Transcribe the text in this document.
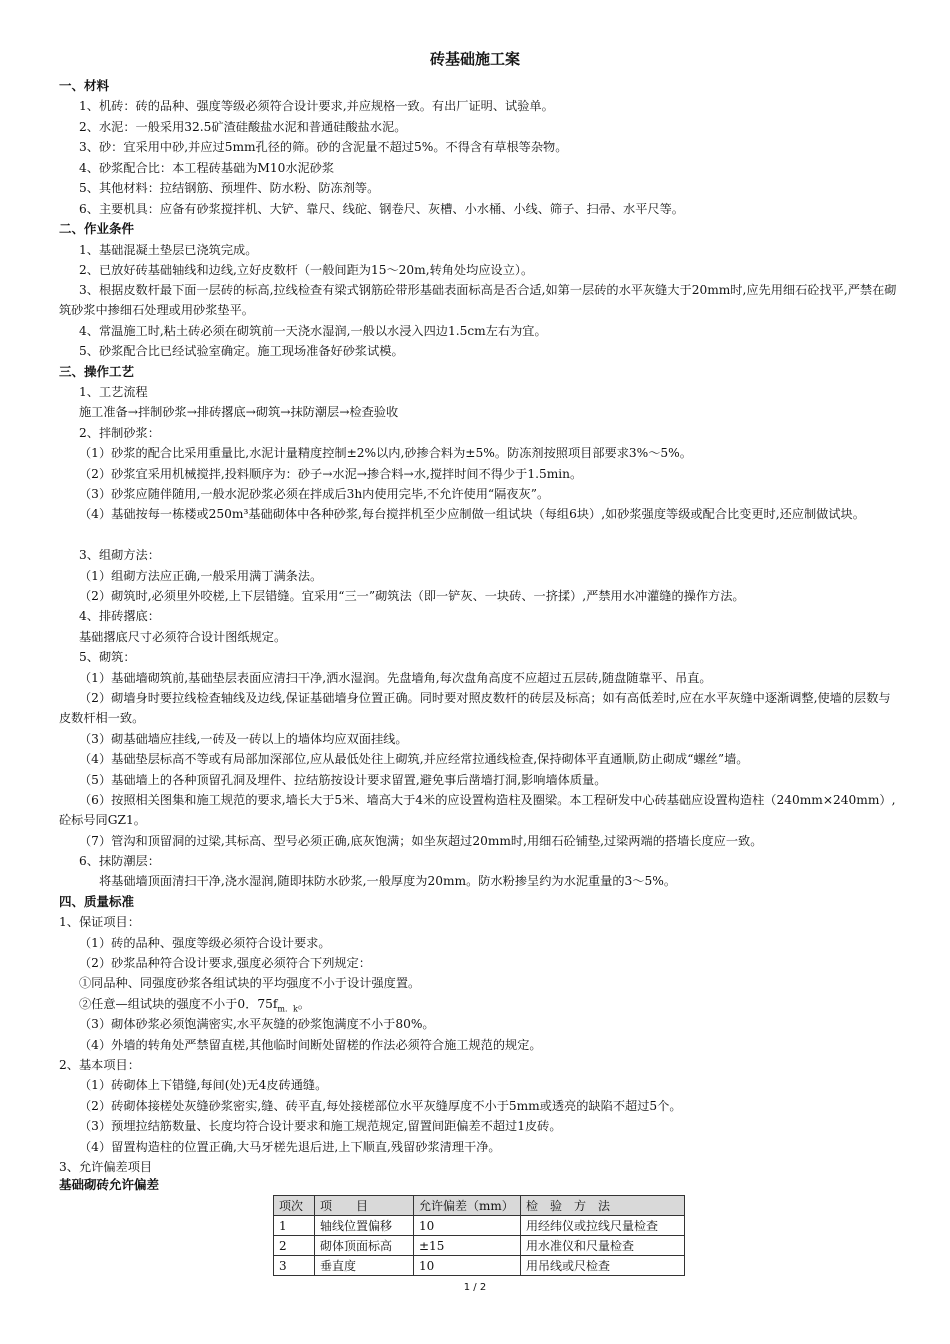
砖基础施工案
一、材料
1、机砖：砖的品种、强度等级必须符合设计要求,并应规格一致。有出厂证明、试验单。
2、水泥：一般采用32.5矿渣硅酸盐水泥和普通硅酸盐水泥。
3、砂：宜采用中砂,并应过5mm孔径的筛。砂的含泥量不超过5%。不得含有草根等杂物。
4、砂浆配合比：本工程砖基础为M10水泥砂浆
5、其他材料：拉结钢筋、预埋件、防水粉、防冻剂等。
6、主要机具：应备有砂浆搅拌机、大铲、靠尺、线砣、钢卷尺、灰槽、小水桶、小线、筛子、扫帚、水平尺等。
二、作业条件
1、基础混凝土垫层已浇筑完成。
2、已放好砖基础轴线和边线,立好皮数杆（一般间距为15～20m,转角处均应设立）。
3、根据皮数杆最下面一层砖的标高,拉线检查有梁式钢筋砼带形基础表面标高是否合适,如第一层砖的水平灰缝大于20mm时,应先用细石砼找平,严禁在砌筑砂浆中掺细石处理或用砂浆垫平。
4、常温施工时,粘土砖必须在砌筑前一天浇水湿润,一般以水浸入四边1.5cm左右为宜。
5、砂浆配合比已经试验室确定。施工现场准备好砂浆试模。
三、操作工艺
1、工艺流程
施工准备→拌制砂浆→排砖撂底→砌筑→抹防潮层→检查验收
2、拌制砂浆：
（1）砂浆的配合比采用重量比,水泥计量精度控制±2%以内,砂掺合料为±5%。防冻剂按照项目部要求3%～5%。
（2）砂浆宜采用机械搅拌,投料顺序为：砂子→水泥→掺合料→水,搅拌时间不得少于1.5min。
（3）砂浆应随伴随用,一般水泥砂浆必须在拌成后3h内使用完毕,不允许使用“隔夜灰”。
（4）基础按每一栋楼或250m³基础砌体中各种砂浆,每台搅拌机至少应制做一组试块（每组6块）,如砂浆强度等级或配合比变更时,还应制做试块。
3、组砌方法：
（1）组砌方法应正确,一般采用满丁满条法。
（2）砌筑时,必须里外咬槎,上下层错缝。宜采用“三一”砌筑法（即一铲灰、一块砖、一挤揉）,严禁用水冲灌缝的操作方法。
4、排砖撂底：
基础撂底尺寸必须符合设计图纸规定。
5、砌筑：
（1）基础墙砌筑前,基础垫层表面应清扫干净,洒水湿润。先盘墙角,每次盘角高度不应超过五层砖,随盘随靠平、吊直。
（2）砌墙身时要拉线检查轴线及边线,保证基础墙身位置正确。同时要对照皮数杆的砖层及标高；如有高低差时,应在水平灰缝中逐渐调整,使墙的层数与皮数杆相一致。
（3）砌基础墙应挂线,一砖及一砖以上的墙体均应双面挂线。
（4）基础垫层标高不等或有局部加深部位,应从最低处往上砌筑,并应经常拉通线检查,保持砌体平直通顺,防止砌成“螺丝”墙。
（5）基础墙上的各种顶留孔洞及埋件、拉结筋按设计要求留置,避免事后凿墙打洞,影响墙体质量。
（6）按照相关图集和施工规范的要求,墙长大于5米、墙高大于4米的应设置构造柱及圈梁。本工程研发中心砖基础应设置构造柱（240mm×240mm）,砼标号同GZ1。
（7）管沟和顶留洞的过梁,其标高、型号必须正确,底灰饱满；如坐灰超过20mm时,用细石砼铺垫,过梁两端的搭墙长度应一致。
6、抹防潮层：
将基础墙顶面清扫干净,浇水湿润,随即抹防水砂浆,一般厚度为20mm。防水粉掺呈约为水泥重量的3～5%。
四、质量标准
1、保证项目：
（1）砖的品种、强度等级必须符合设计要求。
（2）砂浆品种符合设计要求,强度必须符合下列规定：
①同品种、同强度砂浆各组试块的平均强度不小于设计强度置。
②任意—组试块的强度不小于0．$75f_{m.k}$。
（3）砌体砂浆必须饱满密实,水平灰缝的砂浆饱满度不小于80%。
（4）外墙的转角处严禁留直槎,其他临时间断处留槎的作法必须符合施工规范的规定。
2、基本项目：
（1）砖砌体上下错缝,每间(处)无4皮砖通缝。
（2）砖砌体接槎处灰缝砂浆密实,缝、砖平直,每处接槎部位水平灰缝厚度不小于5mm或透亮的缺陷不超过5个。
（3）预埋拉结筋数量、长度均符合设计要求和施工规范规定,留置间距偏差不超过1皮砖。
（4）留置构造柱的位置正确,大马牙槎先退后进,上下顺直,残留砂浆清理干净。
3、允许偏差项目
基础砌砖允许偏差
项次	项　　目	允许偏差（mm）	检　验　方　法
1	轴线位置偏移	10	用经纬仪或拉线尺量检查
2	砌体顶面标高	±15	用水准仪和尺量检查
3	垂直度	10	用吊线或尺检查
1 / 2
